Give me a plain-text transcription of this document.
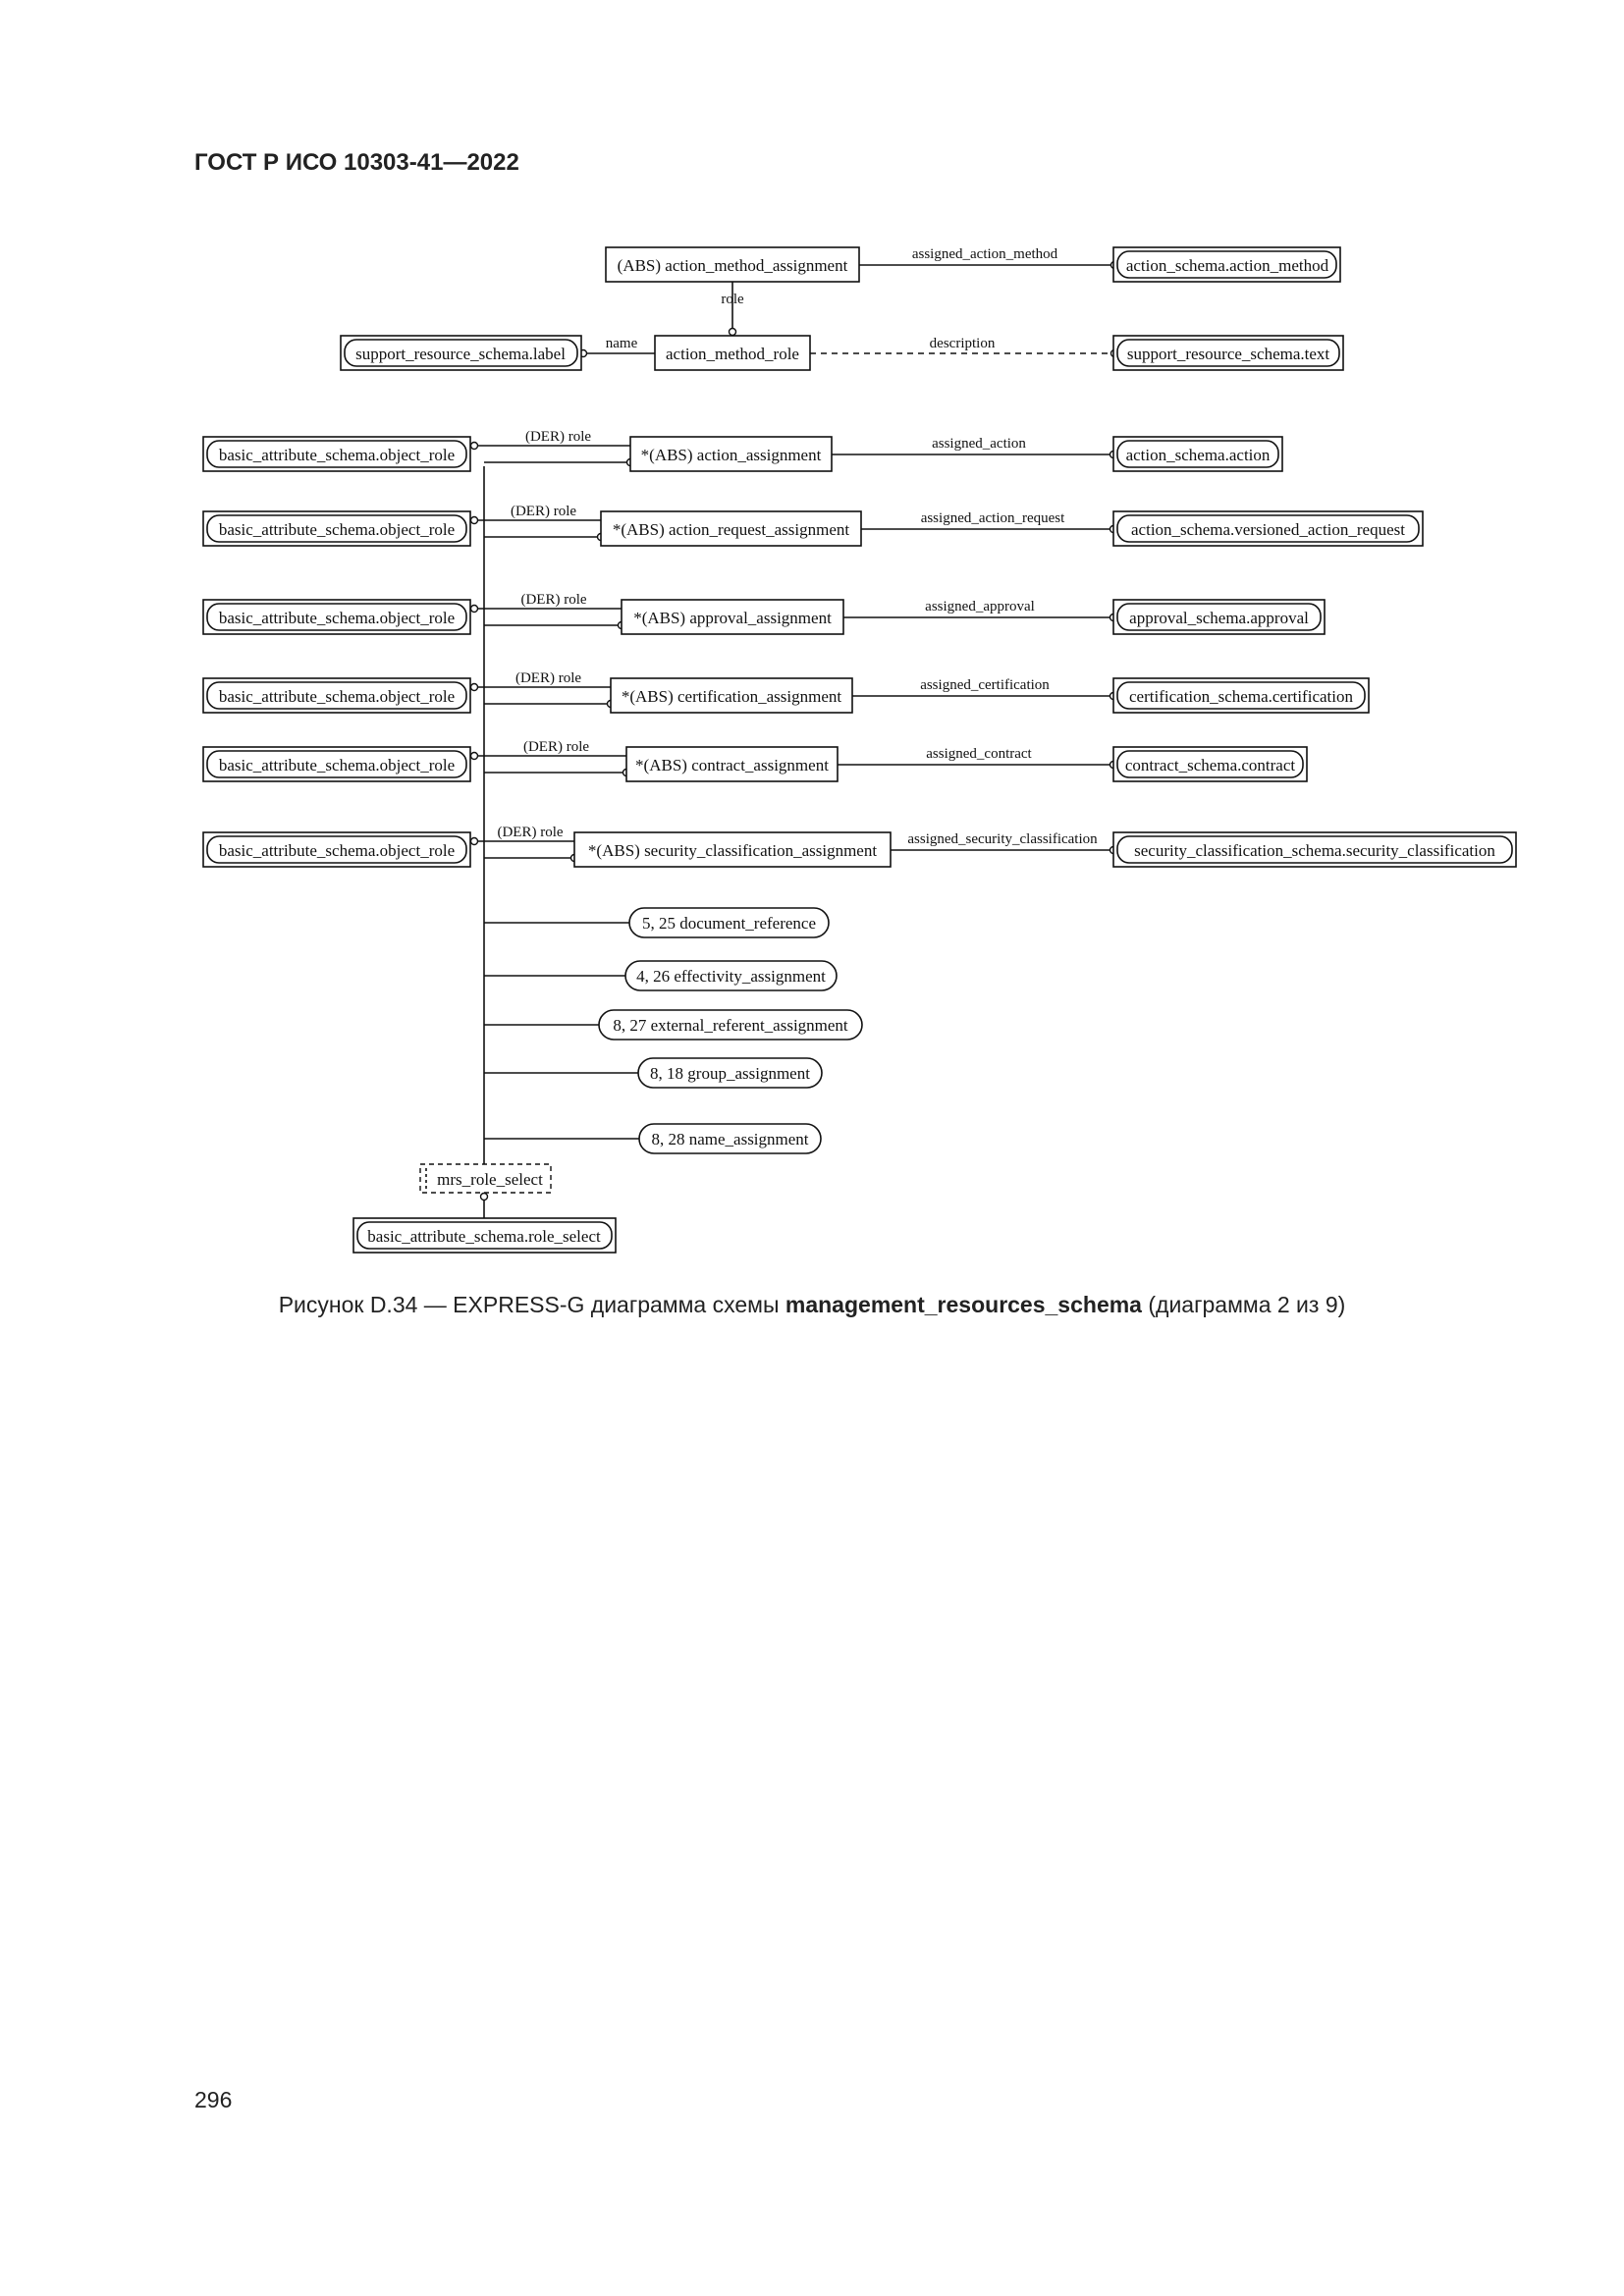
ГОСТ Р ИСО 10303-41—2022
(ABS) action_method_assignment
assigned_action_method
action_schema.action_method
role
action_method_role
name
support_resource_schema.label
description
support_resource_schema.text
basic_attribute_schema.object_role
(DER) role
*(ABS) action_assignment
assigned_action
action_schema.action
basic_attribute_schema.object_role
(DER) role
*(ABS) action_request_assignment
assigned_action_request
action_schema.versioned_action_request
basic_attribute_schema.object_role
(DER) role
*(ABS) approval_assignment
assigned_approval
approval_schema.approval
basic_attribute_schema.object_role
(DER) role
*(ABS) certification_assignment
assigned_certification
certification_schema.certification
basic_attribute_schema.object_role
(DER) role
*(ABS) contract_assignment
assigned_contract
contract_schema.contract
basic_attribute_schema.object_role
(DER) role
*(ABS) security_classification_assignment
assigned_security_classification
security_classification_schema.security_classification
5, 25 document_reference
4, 26 effectivity_assignment
8, 27 external_referent_assignment
8, 18 group_assignment
8, 28 name_assignment
mrs_role_select
basic_attribute_schema.role_select
Рисунок D.34 — EXPRESS-G диаграмма схемы management_resources_schema (диаграмма 2 из 9)
296
